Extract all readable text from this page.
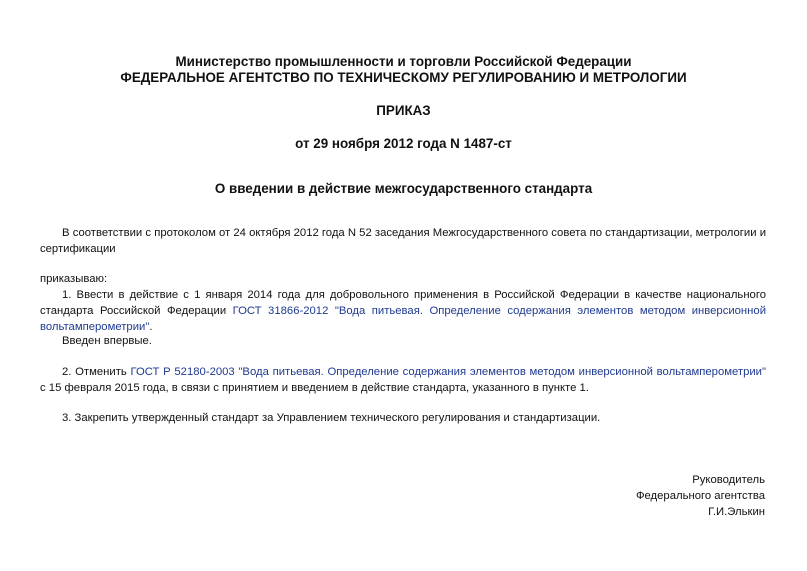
Министерство промышленности и торговли Российской Федерации
ФЕДЕРАЛЬНОЕ АГЕНТСТВО ПО ТЕХНИЧЕСКОМУ РЕГУЛИРОВАНИЮ И МЕТРОЛОГИИ
ПРИКАЗ
от 29 ноября 2012 года N 1487-ст
О введении в действие межгосударственного стандарта
В соответствии с протоколом от 24 октября 2012 года N 52 заседания Межгосударственного совета по стандартизации, метрологии и сертификации
приказываю:
1. Ввести в действие с 1 января 2014 года для добровольного применения в Российской Федерации в качестве национального стандарта Российской Федерации ГОСТ 31866-2012 "Вода питьевая. Определение содержания элементов методом инверсионной вольтамперометрии".
Введен впервые.
2. Отменить ГОСТ Р 52180-2003 "Вода питьевая. Определение содержания элементов методом инверсионной вольтамперометрии" с 15 февраля 2015 года, в связи с принятием и введением в действие стандарта, указанного в пункте 1.
3. Закрепить утвержденный стандарт за Управлением технического регулирования и стандартизации.
Руководитель
Федерального агентства
Г.И.Элькин
